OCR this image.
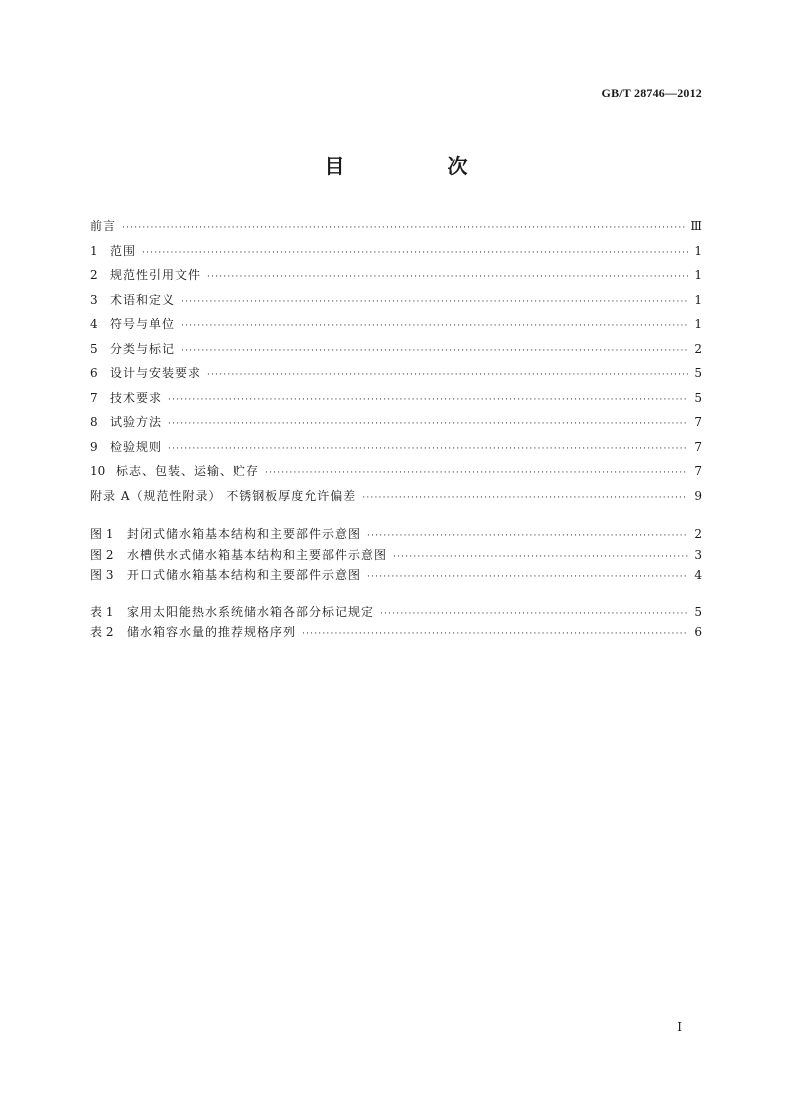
GB/T 28746—2012
目 次
前言 ·····	Ⅲ
1	范围 ·····	1
2	规范性引用文件 ·····	1
3	术语和定义 ·····	1
4	符号与单位 ·····	1
5	分类与标记 ·····	2
6	设计与安装要求 ·····	5
7	技术要求 ·····	5
8	试验方法 ·····	7
9	检验规则 ·····	7
10 标志、包装、运输、贮存 ·····	7
附录 A（规范性附录） 不锈钢板厚度允许偏差 ·····	9
图 1	封闭式储水箱基本结构和主要部件示意图 ·····	2
图 2	水槽供水式储水箱基本结构和主要部件示意图 ·····	3
图 3	开口式储水箱基本结构和主要部件示意图 ·····	4
表 1	家用太阳能热水系统储水箱各部分标记规定 ·····	5
表 2	储水箱容水量的推荐规格序列 ·····	6
I
